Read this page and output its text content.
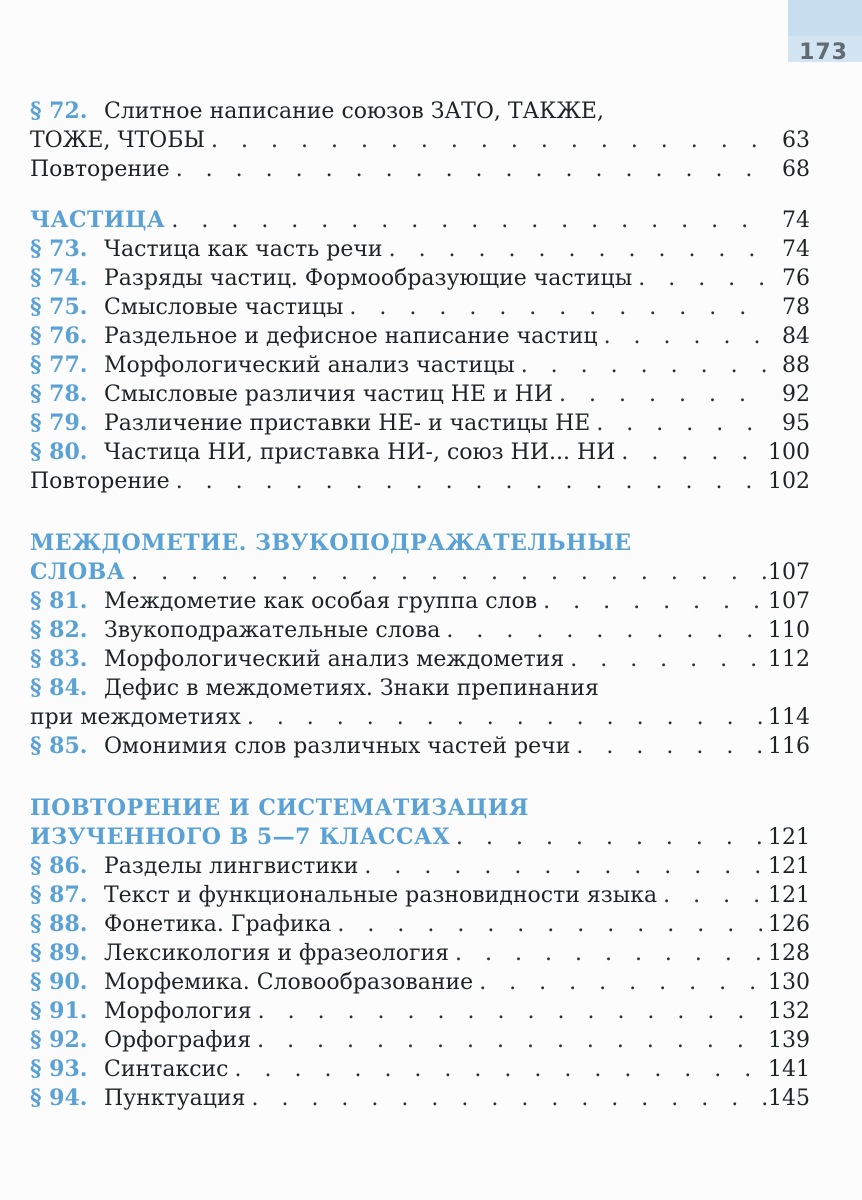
173
§ 72. Слитное написание союзов ЗАТО, ТАКЖЕ,
ТОЖЕ, ЧТОБЫ . . .	63
Повторение . . .	68
ЧАСТИЦА . . .	74
§ 73. Частица как часть речи . . .	74
§ 74. Разряды частиц. Формообразующие частицы . . .	76
§ 75. Смысловые частицы . . .	78
§ 76. Раздельное и дефисное написание частиц . . .	84
§ 77. Морфологический анализ частицы . . .	88
§ 78. Смысловые различия частиц НЕ и НИ . . .	92
§ 79. Различение приставки НЕ- и частицы НЕ . . .	95
§ 80. Частица НИ, приставка НИ-, союз НИ... НИ . . .	100
Повторение . . .	102
МЕЖДОМЕТИЕ. ЗВУКОПОДРАЖАТЕЛЬНЫЕ
СЛОВА . . .	107
§ 81. Междометие как особая группа слов . . .	107
§ 82. Звукоподражательные слова . . .	110
§ 83. Морфологический анализ междометия . . .	112
§ 84. Дефис в междометиях. Знаки препинания
при междометиях . . .	114
§ 85. Омонимия слов различных частей речи . . .	116
ПОВТОРЕНИЕ И СИСТЕМАТИЗАЦИЯ
ИЗУЧЕННОГО В 5—7 КЛАССАХ . . .	121
§ 86. Разделы лингвистики . . .	121
§ 87. Текст и функциональные разновидности языка . . .	121
§ 88. Фонетика. Графика . . .	126
§ 89. Лексикология и фразеология . . .	128
§ 90. Морфемика. Словообразование . . .	130
§ 91. Морфология . . .	132
§ 92. Орфография . . .	139
§ 93. Синтаксис . . .	141
§ 94. Пунктуация . . .	145
